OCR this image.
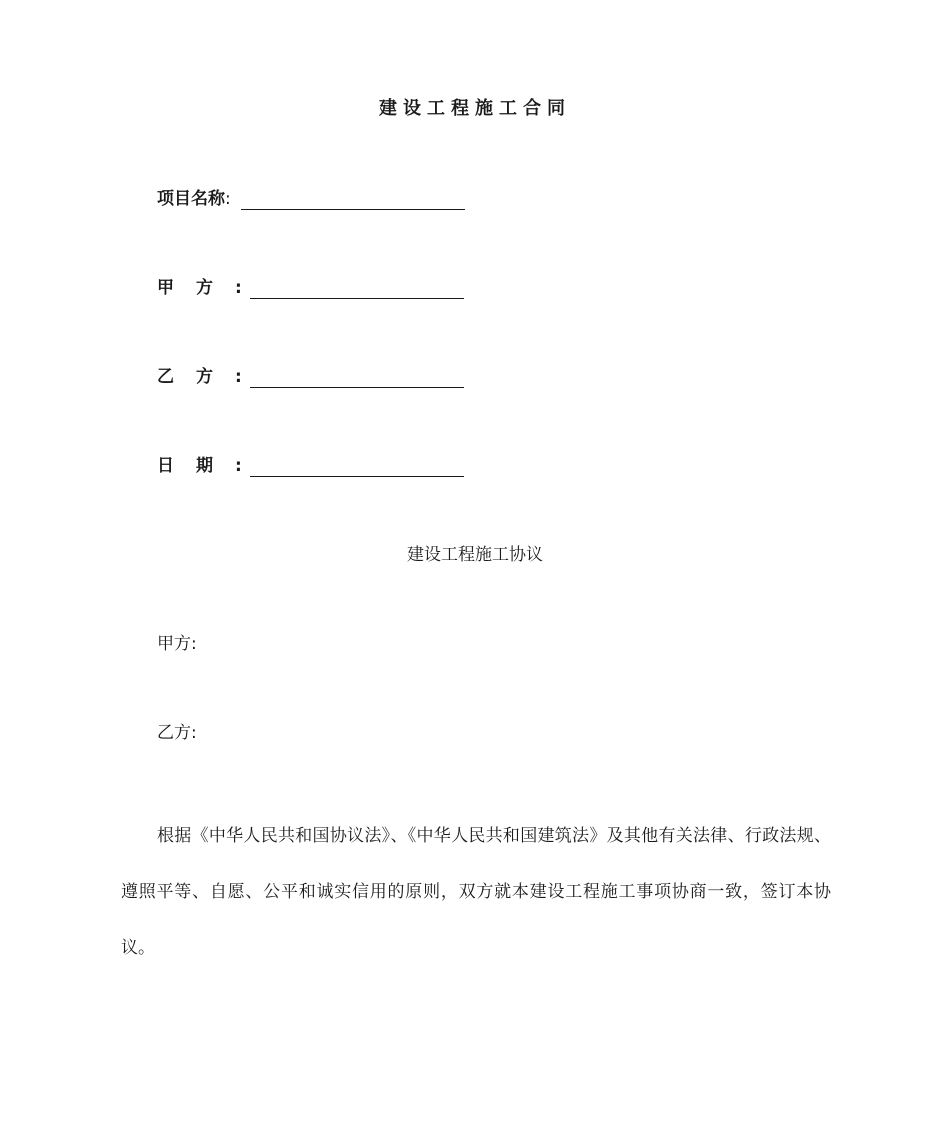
建设工程施工合同
项目名称 :
甲方 :
乙方 :
日期 :
建设工程施工协议
甲方:
乙方:
根据《中华人民共和国协议法》、《中华人民共和国建筑法》及其他有关法律、行政法规、遵照平等、自愿、公平和诚实信用的原则，双方就本建设工程施工事项协商一致，签订本协议。
